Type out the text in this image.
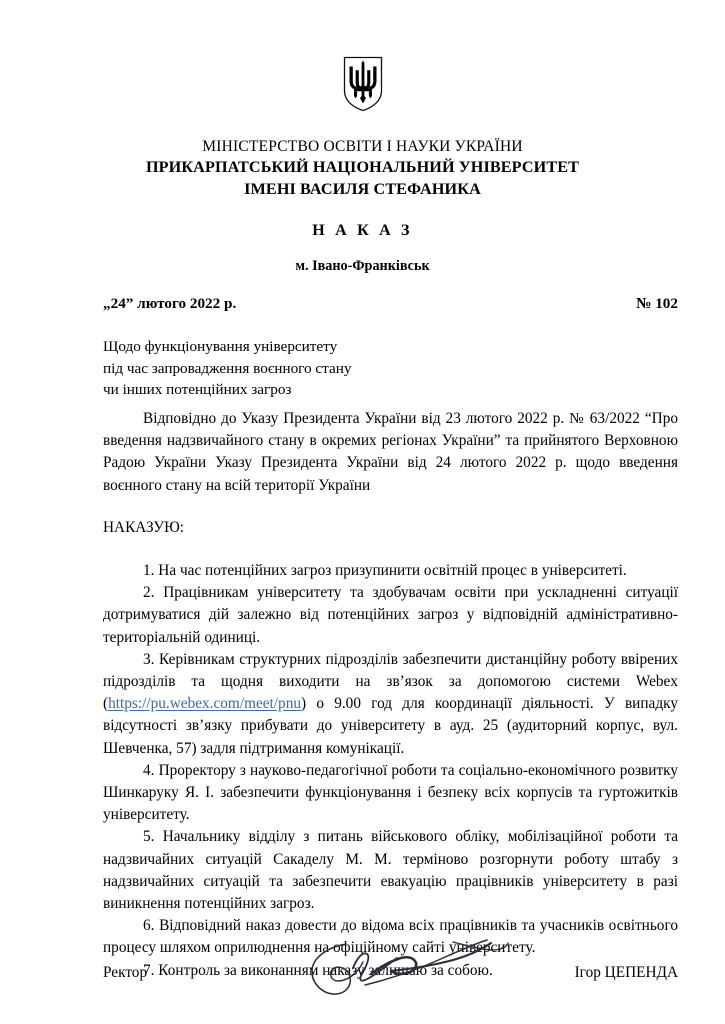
МІНІСТЕРСТВО ОСВІТИ І НАУКИ УКРАЇНИ
ПРИКАРПАТСЬКИЙ НАЦІОНАЛЬНИЙ УНІВЕРСИТЕТ
ІМЕНІ ВАСИЛЯ СТЕФАНИКА
Н А К А З
м. Івано-Франківськ
„24” лютого 2022 р.	№ 102
Щодо функціонування університету
під час запровадження воєнного стану
чи інших потенційних загроз

Відповідно до Указу Президента України від 23 лютого 2022 р. № 63/2022 “Про введення надзвичайного стану в окремих регіонах України” та прийнятого Верховною Радою України Указу Президента України від 24 лютого 2022 р. щодо введення воєнного стану на всій території України

НАКАЗУЮ:

1. На час потенційних загроз призупинити освітній процес в університеті.

2. Працівникам університету та здобувачам освіти при ускладненні ситуації дотримуватися дій залежно від потенційних загроз у відповідній адміністративно-територіальній одиниці.

3. Керівникам структурних підрозділів забезпечити дистанційну роботу ввірених підрозділів та щодня виходити на зв’язок за допомогою системи Webex (https://pu.webex.com/meet/pnu) о 9.00 год для координації діяльності. У випадку відсутності зв’язку прибувати до університету в ауд. 25 (аудиторний корпус, вул. Шевченка, 57) задля підтримання комунікації.

4. Проректору з науково-педагогічної роботи та соціально-економічного розвитку Шинкаруку Я. І. забезпечити функціонування і безпеку всіх корпусів та гуртожитків університету.

5. Начальнику відділу з питань військового обліку, мобілізаційної роботи та надзвичайних ситуацій Сакаделу М. М. терміново розгорнути роботу штабу з надзвичайних ситуацій та забезпечити евакуацію працівників університету в разі виникнення потенційних загроз.

6. Відповідний наказ довести до відома всіх працівників та учасників освітнього процесу шляхом оприлюднення на офіційному сайті університету.

7. Контроль за виконанням наказу залишаю за собою.

Ректор	Ігор ЦЕПЕНДА
